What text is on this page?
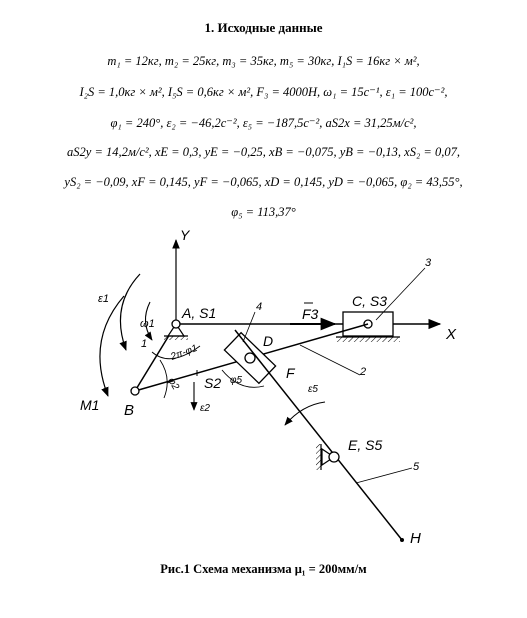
1. Исходные данные
m₁ = 12кг, m₂ = 25кг, m₃ = 35кг, m₅ = 30кг, I₁S = 16кг × м²,
I₂S = 1,0кг × м², I₅S = 0,6кг × м², F₃ = 4000Н, ω₁ = 15с⁻¹, ε₁ = 100с⁻²,
φ₁ = 240°, ε₂ = −46,2с⁻², ε₅ = −187,5с⁻², aS2x = 31,25м/с²,
aS2y = 14,2м/с², xE = 0,3, yE = −0,25, xB = −0,075, yB = −0,13, xS₂ = 0,07,
yS₂ = −0,09, xF = 0,145, yF = −0,065, xD = 0,145, yD = −0,065, φ₂ = 43,55°,
φ₅ = 113,37°
Y
X
F3
C, S3
3
2
1
A, S1
D
4
5
H
E, S5
ε5
F
φ5
B
S2
ε2
2π-φ1
φ2
ω1
ε1
M1
Рис.1 Схема механизма μ₁ = 200мм/м
